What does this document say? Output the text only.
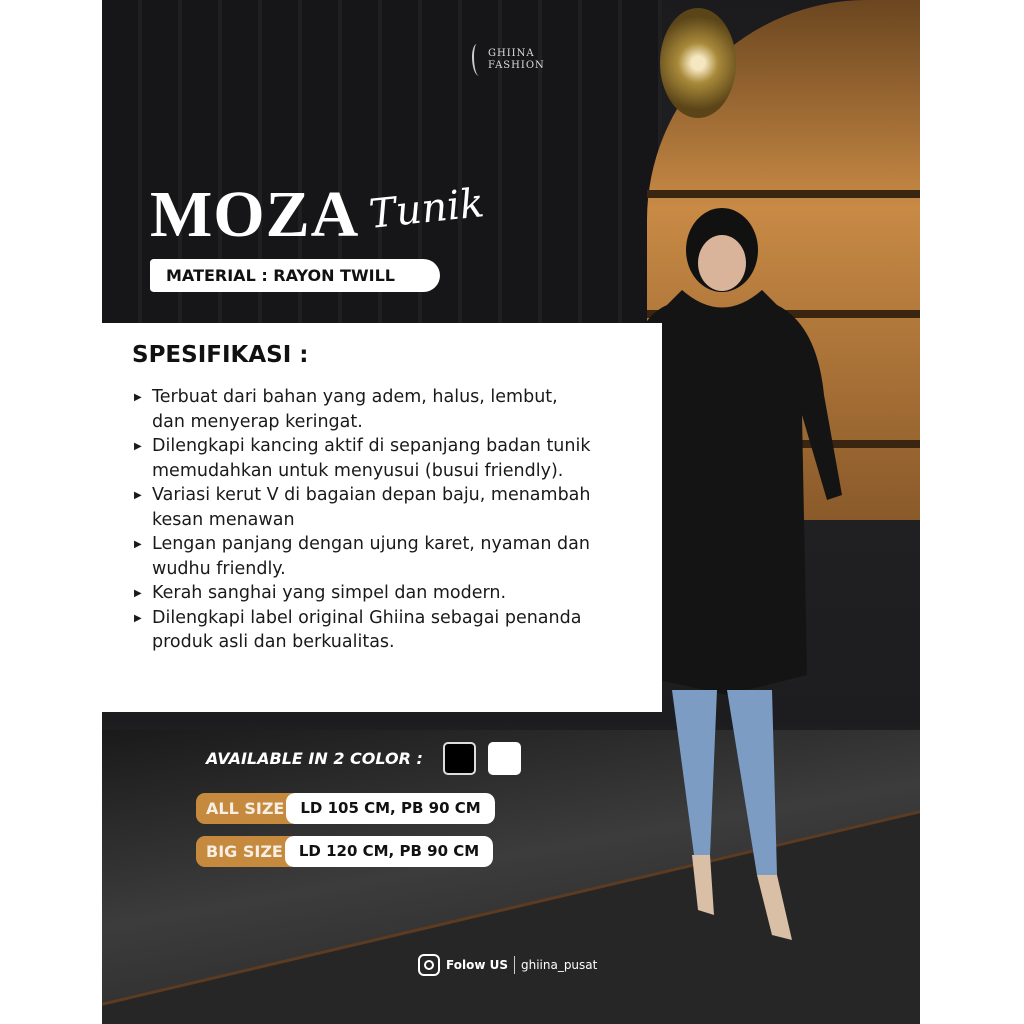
GHIINA
FASHION
MOZA Tunik
MATERIAL : RAYON TWILL
SPESIFIKASI :
▶ Terbuat dari bahan yang adem, halus, lembut, dan menyerap keringat.
▶ Dilengkapi kancing aktif di sepanjang badan tunik memudahkan untuk menyusui (busui friendly).
▶ Variasi kerut V di bagaian depan baju, menambah kesan menawan
▶ Lengan panjang dengan ujung karet, nyaman dan wudhu friendly.
▶ Kerah sanghai yang simpel dan modern.
▶ Dilengkapi label original Ghiina sebagai penanda produk asli dan berkualitas.
AVAILABLE IN 2 COLOR :
ALL SIZE	LD 105 CM, PB 90 CM
BIG SIZE	LD 120 CM, PB 90 CM
Folow US ghiina_pusat
